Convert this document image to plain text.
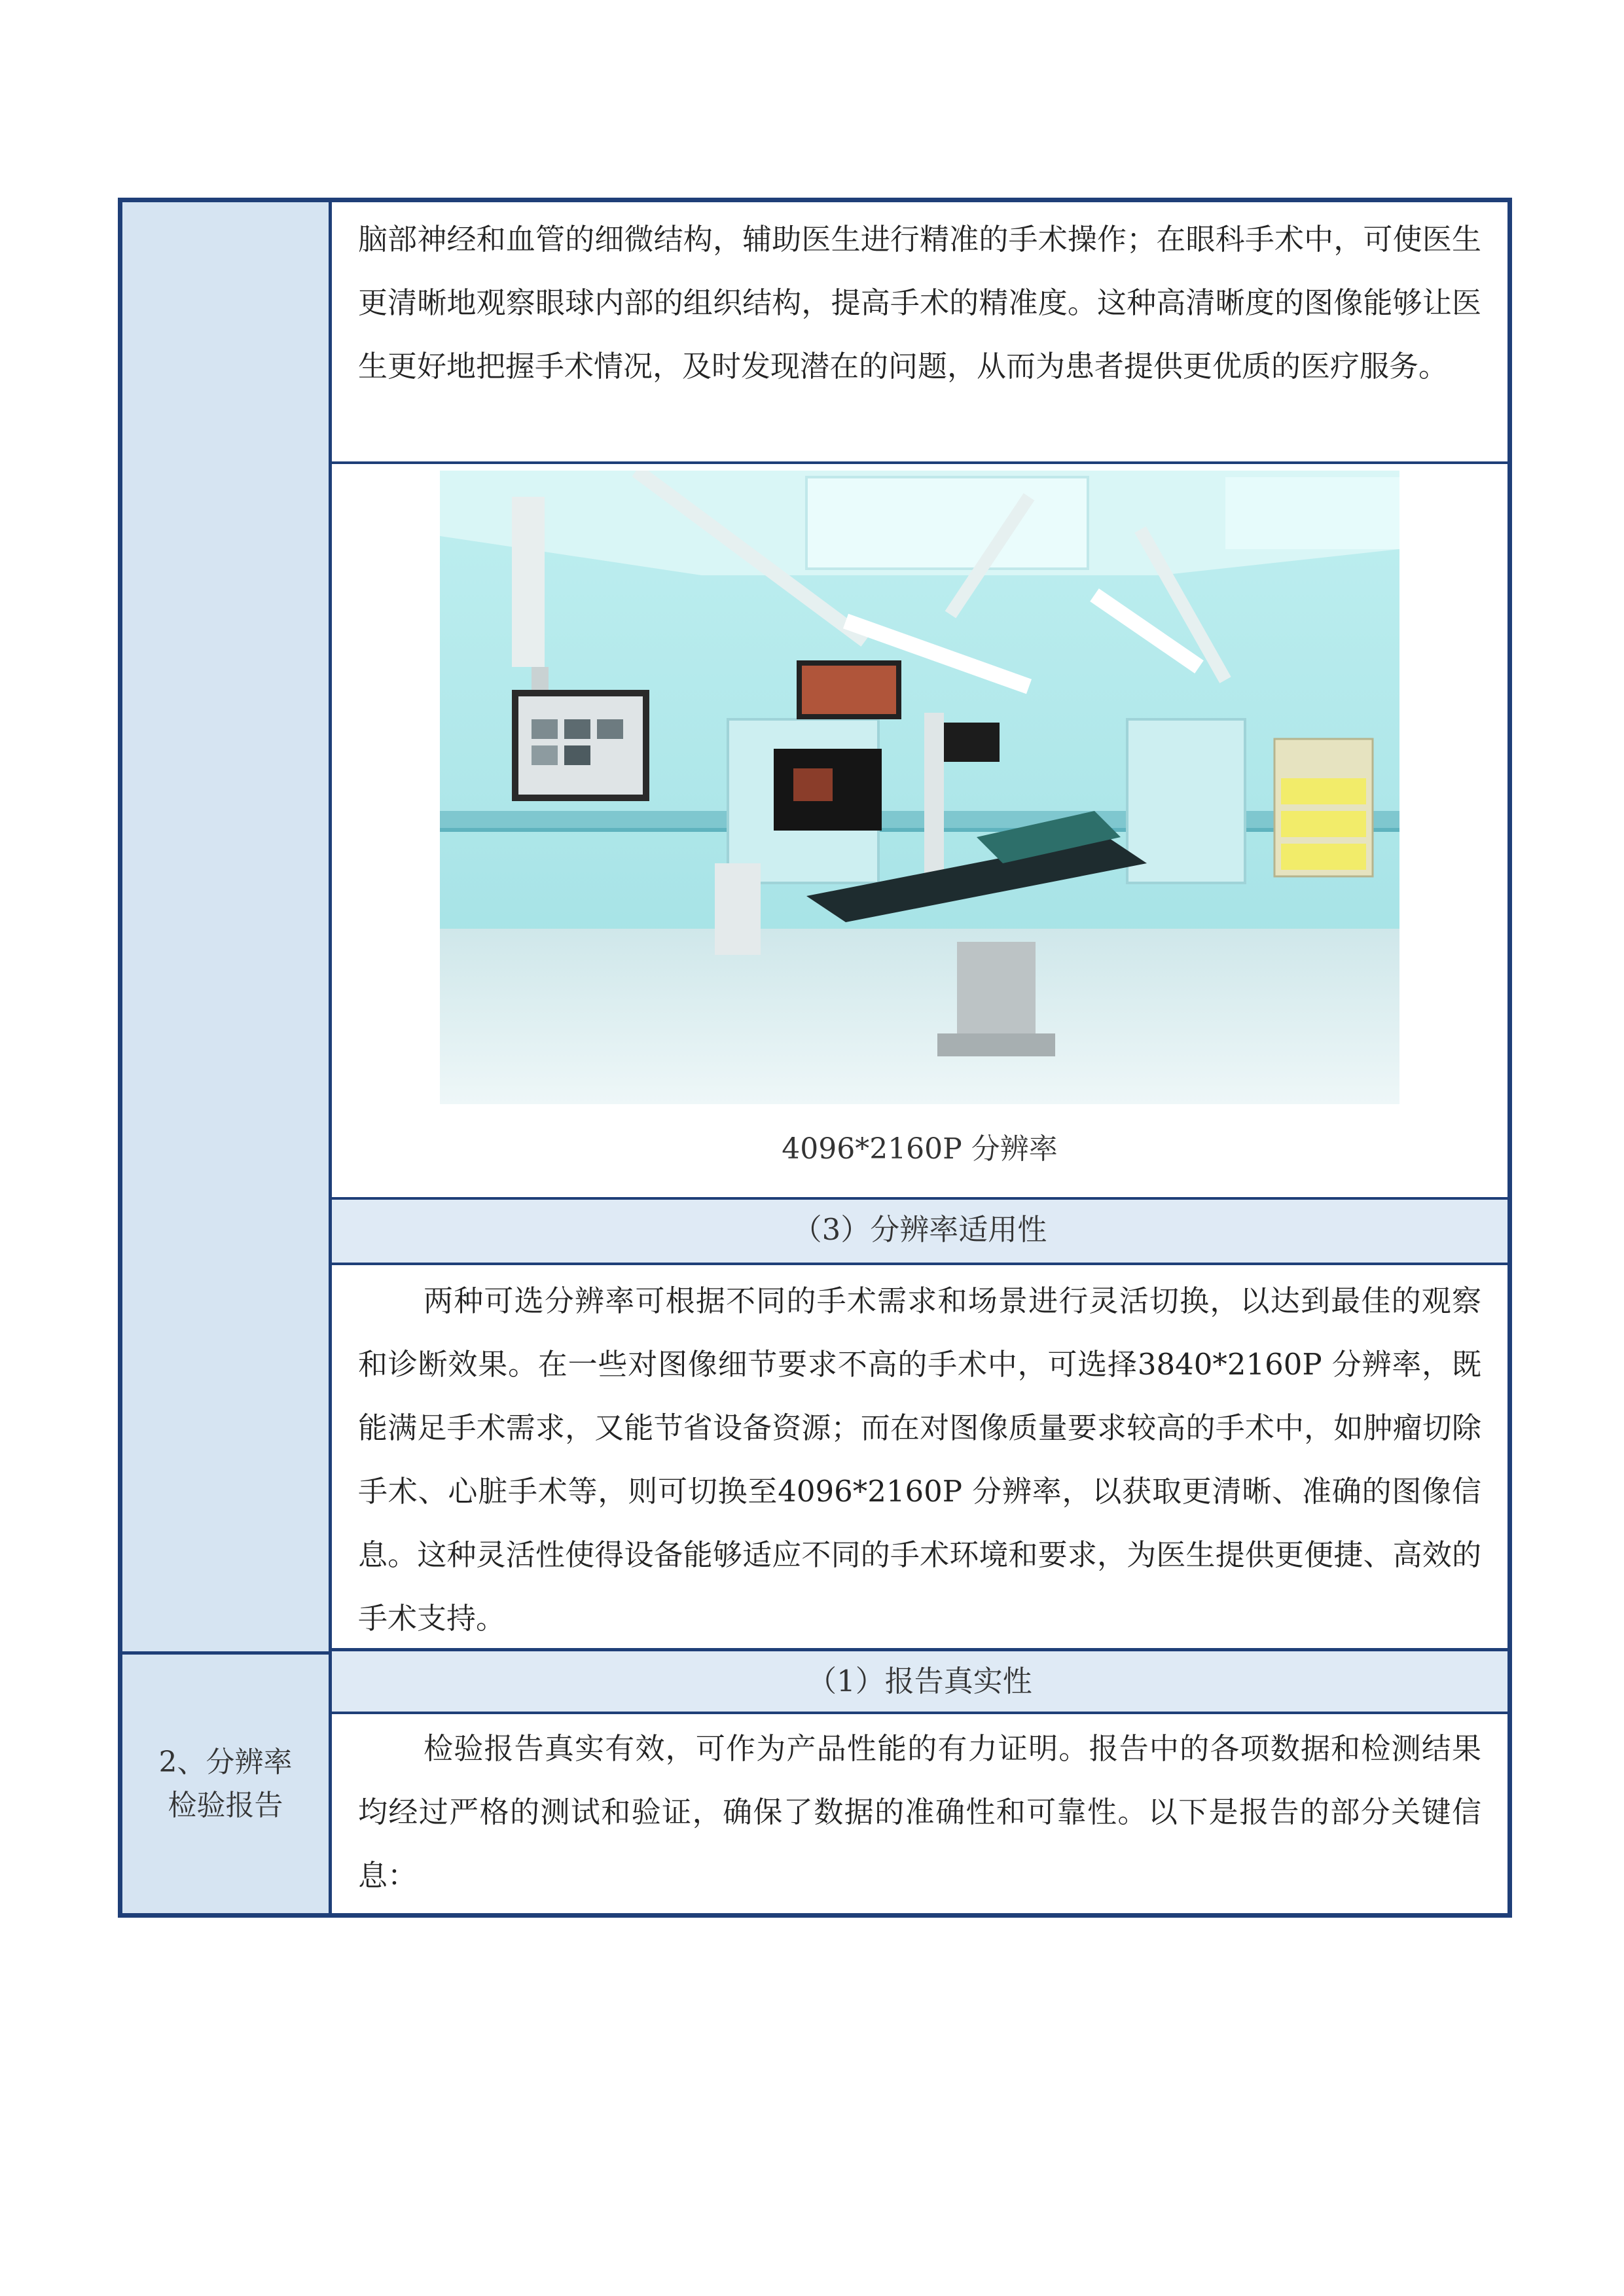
2、分辨率
检验报告
脑部神经和血管的细微结构，辅助医生进行精准的手术操作；在眼科手术中，可使医生更清晰地观察眼球内部的组织结构，提高手术的精准度。这种高清晰度的图像能够让医生更好地把握手术情况，及时发现潜在的问题，从而为患者提供更优质的医疗服务。
4096*2160P 分辨率
（3）分辨率适用性
两种可选分辨率可根据不同的手术需求和场景进行灵活切换，以达到最佳的观察和诊断效果。在一些对图像细节要求不高的手术中，可选择3840*2160P 分辨率，既能满足手术需求，又能节省设备资源；而在对图像质量要求较高的手术中，如肿瘤切除手术、心脏手术等，则可切换至4096*2160P 分辨率，以获取更清晰、准确的图像信息。这种灵活性使得设备能够适应不同的手术环境和要求，为医生提供更便捷、高效的手术支持。
（1）报告真实性
检验报告真实有效，可作为产品性能的有力证明。报告中的各项数据和检测结果均经过严格的测试和验证，确保了数据的准确性和可靠性。以下是报告的部分关键信息：
